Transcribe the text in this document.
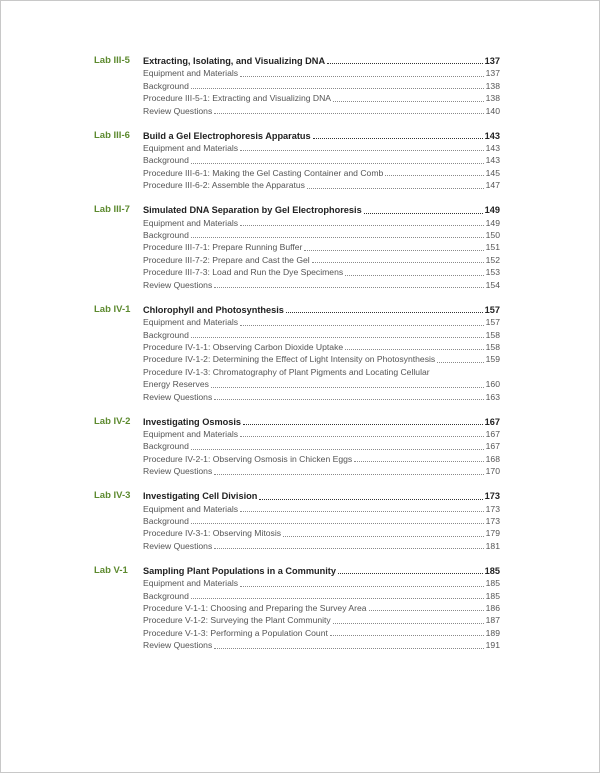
Lab III-5 Extracting, Isolating, and Visualizing DNA	137
Equipment and Materials	137
Background	138
Procedure III-5-1: Extracting and Visualizing DNA	138
Review Questions	140
Lab III-6 Build a Gel Electrophoresis Apparatus	143
Equipment and Materials	143
Background	143
Procedure III-6-1: Making the Gel Casting Container and Comb	145
Procedure III-6-2: Assemble the Apparatus	147
Lab III-7 Simulated DNA Separation by Gel Electrophoresis	149
Equipment and Materials	149
Background	150
Procedure III-7-1: Prepare Running Buffer	151
Procedure III-7-2: Prepare and Cast the Gel	152
Procedure III-7-3: Load and Run the Dye Specimens	153
Review Questions	154
Lab IV-1 Chlorophyll and Photosynthesis	157
Equipment and Materials	157
Background	158
Procedure IV-1-1: Observing Carbon Dioxide Uptake	158
Procedure IV-1-2: Determining the Effect of Light Intensity on Photosynthesis	159
Procedure IV-1-3: Chromatography of Plant Pigments and Locating Cellular
Energy Reserves	160
Review Questions	163
Lab IV-2 Investigating Osmosis	167
Equipment and Materials	167
Background	167
Procedure IV-2-1: Observing Osmosis in Chicken Eggs	168
Review Questions	170
Lab IV-3 Investigating Cell Division	173
Equipment and Materials	173
Background	173
Procedure IV-3-1: Observing Mitosis	179
Review Questions	181
Lab V-1 Sampling Plant Populations in a Community	185
Equipment and Materials	185
Background	185
Procedure V-1-1: Choosing and Preparing the Survey Area	186
Procedure V-1-2: Surveying the Plant Community	187
Procedure V-1-3: Performing a Population Count	189
Review Questions	191
